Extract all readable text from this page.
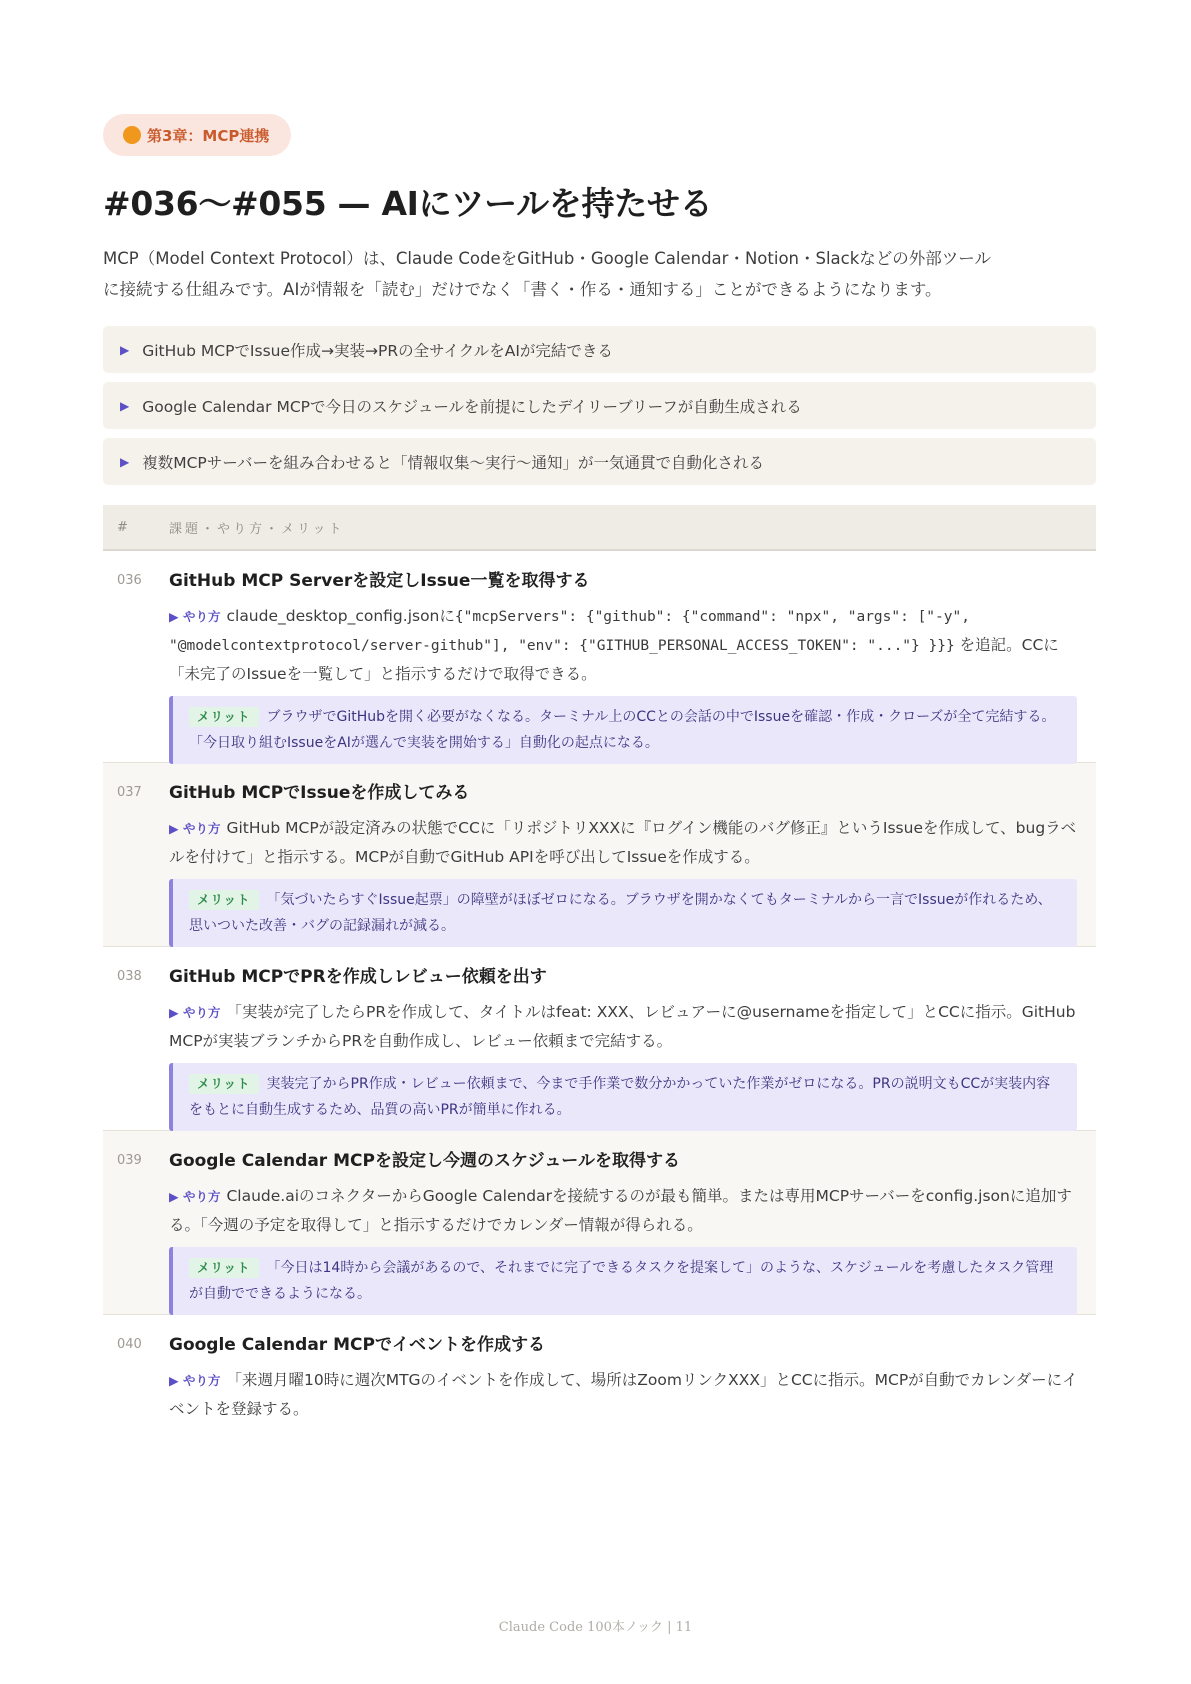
第3章：MCP連携
#036〜#055 — AIにツールを持たせる

MCP（Model Context Protocol）は、Claude CodeをGitHub・Google Calendar・Notion・Slackなどの外部ツールに接続する仕組みです。AIが情報を「読む」だけでなく「書く・作る・通知する」ことができるようになります。

▶ GitHub MCPでIssue作成→実装→PRの全サイクルをAIが完結できる
▶ Google Calendar MCPで今日のスケジュールを前提にしたデイリーブリーフが自動生成される
▶ 複数MCPサーバーを組み合わせると「情報収集〜実行〜通知」が一気通貫で自動化される
#	課題・やり方・メリット
036	GitHub MCP Serverを設定しIssue一覧を取得する
▶ やり方 claude_desktop_config.jsonに{"mcpServers": {"github": {"command": "npx", "args": ["-y", "@modelcontextprotocol/server-github"], "env": {"GITHUB_PERSONAL_ACCESS_TOKEN": "..."} }}} を追記。CCに「未完了のIssueを一覧して」と指示するだけで取得できる。
メリット ブラウザでGitHubを開く必要がなくなる。ターミナル上のCCとの会話の中でIssueを確認・作成・クローズが全て完結する。「今日取り組むIssueをAIが選んで実装を開始する」自動化の起点になる。
037	GitHub MCPでIssueを作成してみる
▶ やり方 GitHub MCPが設定済みの状態でCCに「リポジトリXXXに『ログイン機能のバグ修正』というIssueを作成して、bugラベルを付けて」と指示する。MCPが自動でGitHub APIを呼び出してIssueを作成する。
メリット 「気づいたらすぐIssue起票」の障壁がほぼゼロになる。ブラウザを開かなくてもターミナルから一言でIssueが作れるため、思いついた改善・バグの記録漏れが減る。
038	GitHub MCPでPRを作成しレビュー依頼を出す
▶ やり方 「実装が完了したらPRを作成して、タイトルはfeat: XXX、レビュアーに@usernameを指定して」とCCに指示。GitHub MCPが実装ブランチからPRを自動作成し、レビュー依頼まで完結する。
メリット 実装完了からPR作成・レビュー依頼まで、今まで手作業で数分かかっていた作業がゼロになる。PRの説明文もCCが実装内容をもとに自動生成するため、品質の高いPRが簡単に作れる。
039	Google Calendar MCPを設定し今週のスケジュールを取得する
▶ やり方 Claude.aiのコネクターからGoogle Calendarを接続するのが最も簡単。または専用MCPサーバーをconfig.jsonに追加する。「今週の予定を取得して」と指示するだけでカレンダー情報が得られる。
メリット 「今日は14時から会議があるので、それまでに完了できるタスクを提案して」のような、スケジュールを考慮したタスク管理が自動でできるようになる。
040	Google Calendar MCPでイベントを作成する
▶ やり方 「来週月曜10時に週次MTGのイベントを作成して、場所はZoomリンクXXX」とCCに指示。MCPが自動でカレンダーにイベントを登録する。
Claude Code 100本ノック | 11
